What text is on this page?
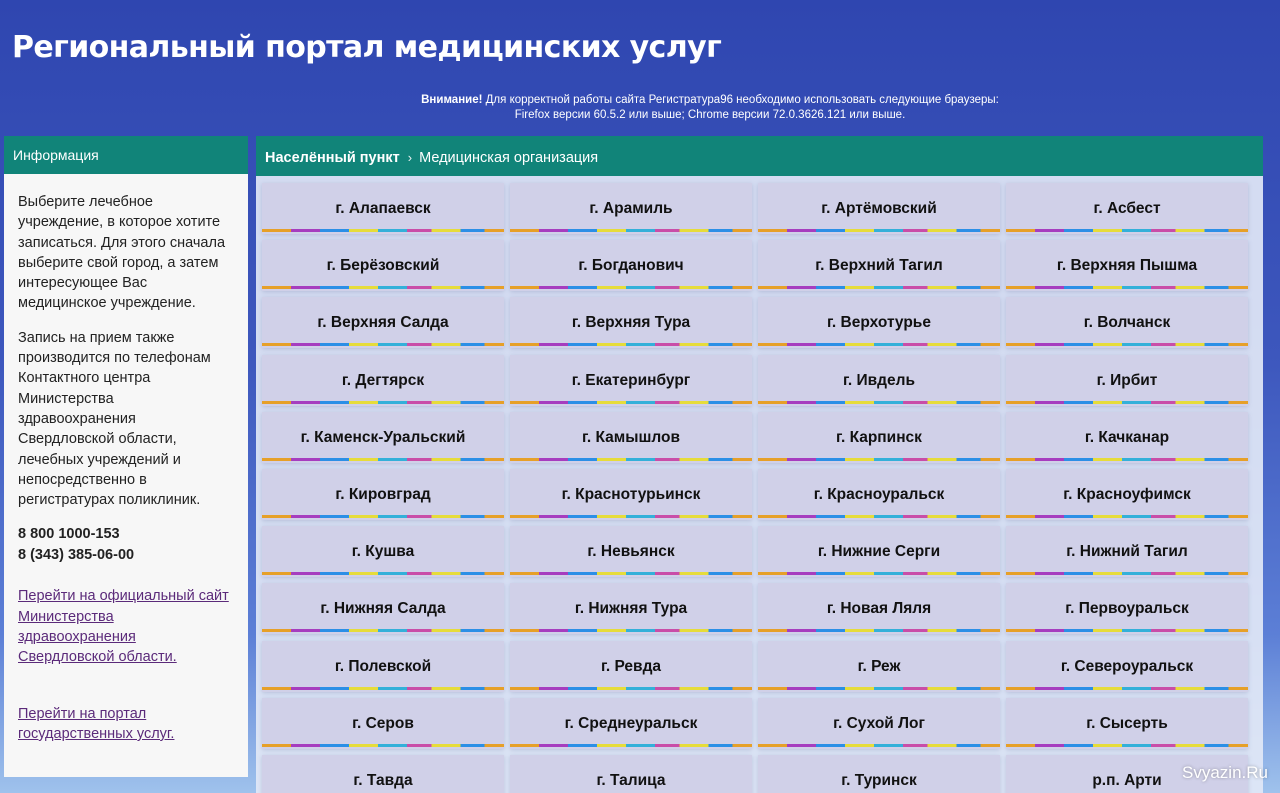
Региональный портал медицинских услуг
Внимание! Для корректной работы сайта Регистратура96 необходимо использовать следующие браузеры:
Firefox версии 60.5.2 или выше; Chrome версии 72.0.3626.121 или выше.
Информация

Выберите лечебное учреждение, в которое хотите записаться. Для этого сначала выберите свой город, а затем интересующее Вас медицинское учреждение.

Запись на прием также производится по телефонам Контактного центра Министерства здравоохранения Свердловской области, лечебных учреждений и непосредственно в регистратурах поликлиник.

8 800 1000-153
8 (343) 385-06-00
Перейти на официальный сайт Министерства здравоохранения Свердловской области.
Перейти на портал государственных услуг.
Населённый пункт › Медицинская организация
г. Алапаевск	г. Арамиль	г. Артёмовский	г. Асбест
г. Берёзовский	г. Богданович	г. Верхний Тагил	г. Верхняя Пышма
г. Верхняя Салда	г. Верхняя Тура	г. Верхотурье	г. Волчанск
г. Дегтярск	г. Екатеринбург	г. Ивдель	г. Ирбит
г. Каменск-Уральский	г. Камышлов	г. Карпинск	г. Качканар
г. Кировград	г. Краснотурьинск	г. Красноуральск	г. Красноуфимск
г. Кушва	г. Невьянск	г. Нижние Серги	г. Нижний Тагил
г. Нижняя Салда	г. Нижняя Тура	г. Новая Ляля	г. Первоуральск
г. Полевской	г. Ревда	г. Реж	г. Североуральск
г. Серов	г. Среднеуральск	г. Сухой Лог	г. Сысерть
г. Тавда	г. Талица	г. Туринск	р.п. Арти	Svyazin.Ru
